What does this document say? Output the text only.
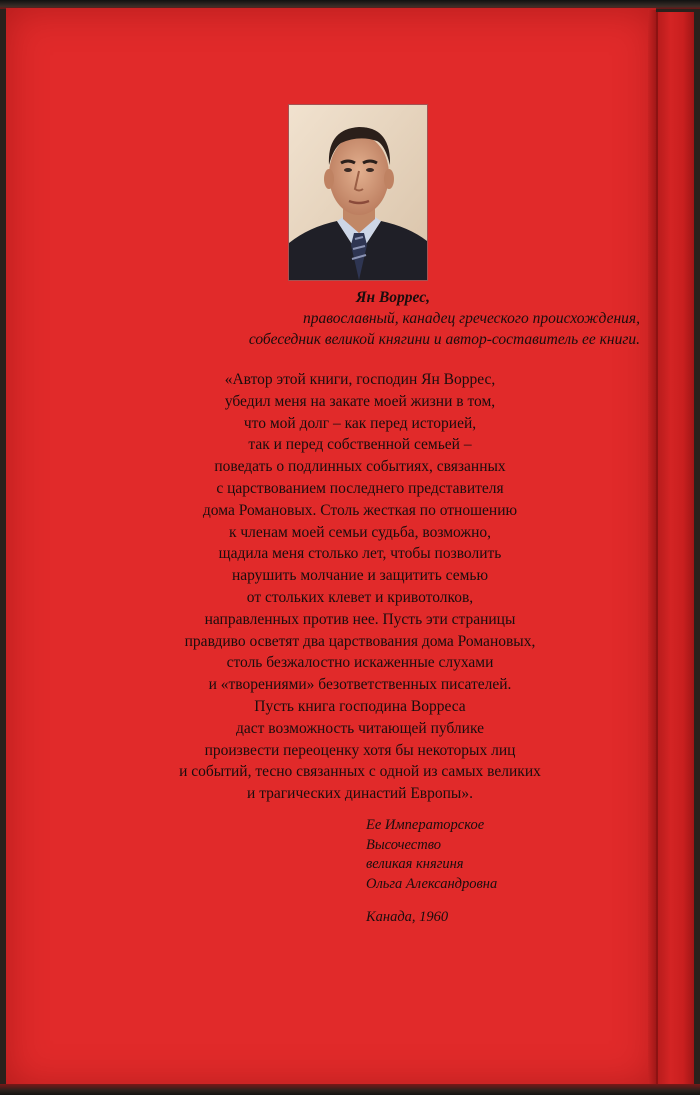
Ян Воррес,
православный, канадец греческого происхождения,
собеседник великой княгини и автор-составитель ее книги.
«Автор этой книги, господин Ян Воррес,
убедил меня на закате моей жизни в том,
что мой долг – как перед историей,
так и перед собственной семьей –
поведать о подлинных событиях, связанных
с царствованием последнего представителя
дома Романовых. Столь жесткая по отношению
к членам моей семьи судьба, возможно,
щадила меня столько лет, чтобы позволить
нарушить молчание и защитить семью
от стольких клевет и кривотолков,
направленных против нее. Пусть эти страницы
правдиво осветят два царствования дома Романовых,
столь безжалостно искаженные слухами
и «творениями» безответственных писателей.
Пусть книга господина Ворреса
даст возможность читающей публике
произвести переоценку хотя бы некоторых лиц
и событий, тесно связанных с одной из самых великих
и трагических династий Европы».
Ее Императорское
Высочество
великая княгиня
Ольга Александровна
Канада, 1960
